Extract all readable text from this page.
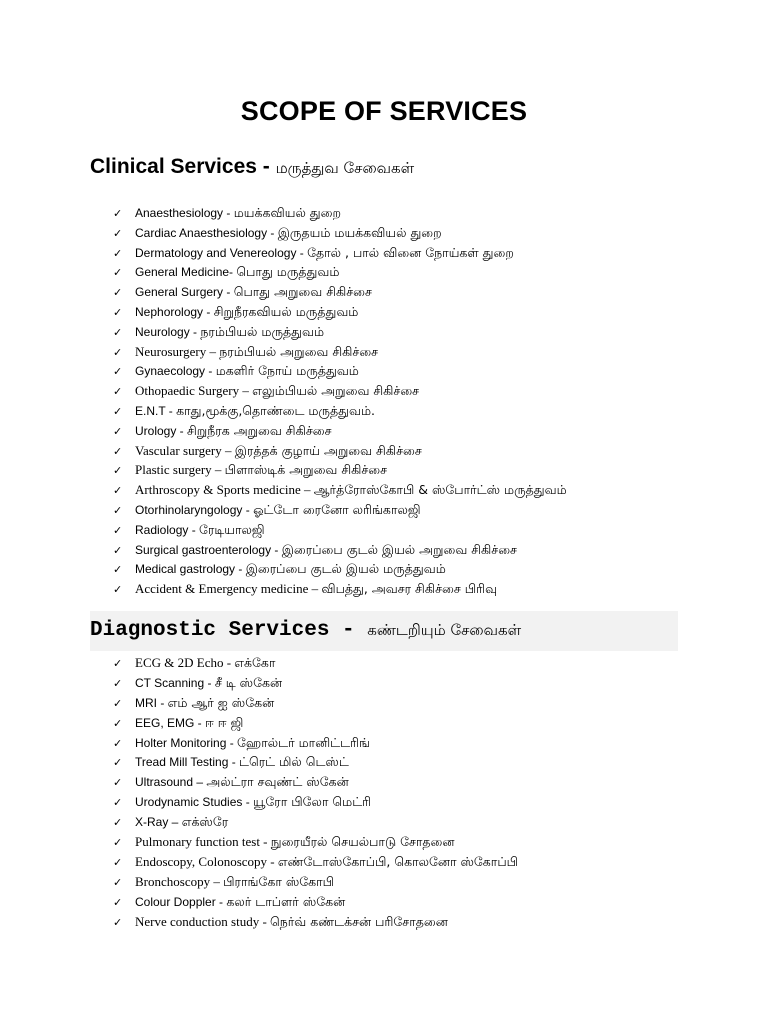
SCOPE OF SERVICES
Clinical Services - மருத்துவ சேவைகள்
✓ Anaesthesiology - மயக்கவியல் துறை
✓ Cardiac Anaesthesiology - இருதயம் மயக்கவியல் துறை
✓ Dermatology and Venereology - தோல் , பால் வினை நோய்கள் துறை
✓ General Medicine- பொது மருத்துவம்
✓ General Surgery - பொது அறுவை சிகிச்சை
✓ Nephorology - சிறுநீரகவியல் மருத்துவம்
✓ Neurology - நரம்பியல் மருத்துவம்
✓ Neurosurgery – நரம்பியல் அறுவை சிகிச்சை
✓ Gynaecology - மகளிர் நோய் மருத்துவம்
✓ Othopaedic Surgery – எலும்பியல் அறுவை சிகிச்சை
✓ E.N.T - காது,மூக்கு,தொண்டை மருத்துவம்.
✓ Urology - சிறுநீரக அறுவை சிகிச்சை
✓ Vascular surgery – இரத்தக் குழாய் அறுவை சிகிச்சை
✓ Plastic surgery – பிளாஸ்டிக் அறுவை சிகிச்சை
✓ Arthroscopy & Sports medicine – ஆர்த்ரோஸ்கோபி & ஸ்போர்ட்ஸ் மருத்துவம்
✓ Otorhinolaryngology - ஓட்டோ ரைனோ லரிங்காலஜி
✓ Radiology - ரேடியாலஜி
✓ Surgical gastroenterology - இரைப்பை குடல் இயல் அறுவை சிகிச்சை
✓ Medical gastrology - இரைப்பை குடல் இயல் மருத்துவம்
✓ Accident & Emergency medicine – விபத்து, அவசர சிகிச்சை பிரிவு
Diagnostic Services - கண்டறியும் சேவைகள்
✓ ECG & 2D Echo - எக்கோ
✓ CT Scanning - சீ டி ஸ்கேன்
✓ MRI - எம் ஆர் ஐ ஸ்கேன்
✓ EEG, EMG - ஈ ஈ ஜி
✓ Holter Monitoring - ஹோல்டர் மானிட்டரிங்
✓ Tread Mill Testing - ட்ரெட் மில் டெஸ்ட்
✓ Ultrasound – அல்ட்ரா சவுண்ட் ஸ்கேன்
✓ Urodynamic Studies - யூரோ பிலோ மெட்ரி
✓ X-Ray – எக்ஸ்ரே
✓ Pulmonary function test - நுரையீரல் செயல்பாடு சோதனை
✓ Endoscopy, Colonoscopy - எண்டோஸ்கோப்பி, கொலனோ ஸ்கோப்பி
✓ Bronchoscopy – பிராங்கோ ஸ்கோபி
✓ Colour Doppler - கலர் டாப்ளர் ஸ்கேன்
✓ Nerve conduction study - நெர்வ் கண்டக்சன் பரிசோதனை
